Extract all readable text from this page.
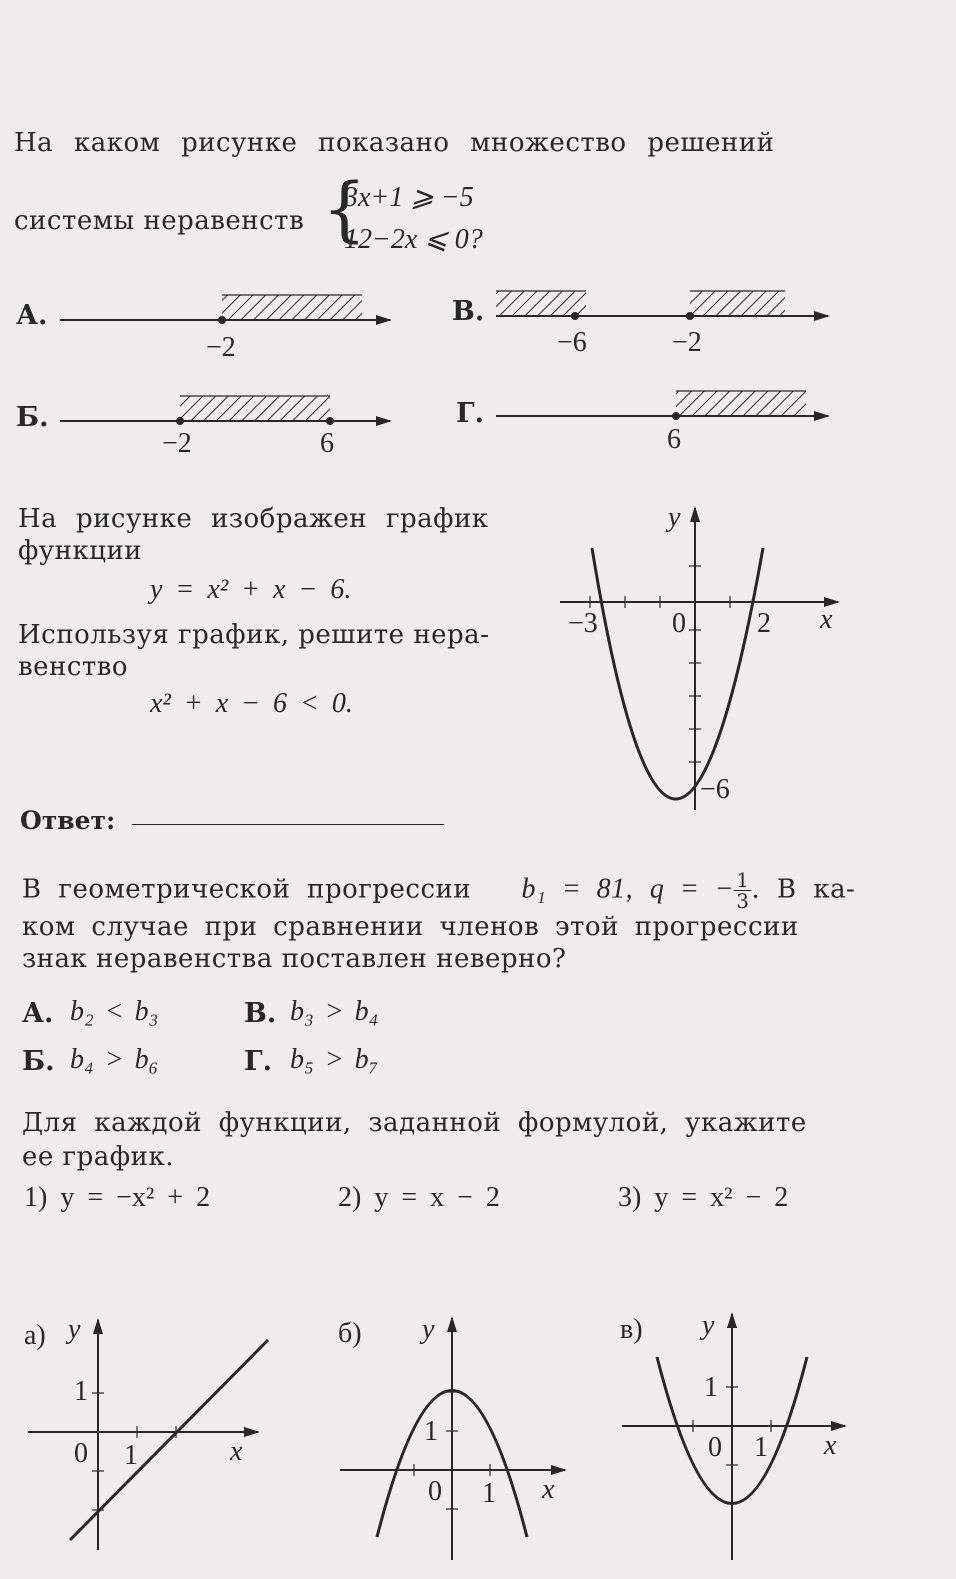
На каком рисунке показано множество решений
системы неравенств {
3x+1 ⩾ −5
12−2x ⩽ 0?
А.
−2
В.
−6	−2
Б.
−2	6
Г.
6
На рисунке изображен график
функции
y = x² + x − 6.
Используя график, решите нера-
венство
x² + x − 6 < 0.
Ответ:
−3	0	2
−6
y
x
В геометрической прогрессии b₁ = 81, q = − $\frac{1}{3}$ . В ка-
ком случае при сравнении членов этой прогрессии
знак неравенства поставлен неверно?
А. b₂ < b₃	В. b₃ > b₄
Б. b₄ > b₆	Г. b₅ > b₇
Для каждой функции, заданной формулой, укажите
ее график.
1) y = −x² + 2	2) y = x − 2	3) y = x² − 2
а) y
x
1
0 1
б) y
x
1
0 1
в) y
x
1
0 1
